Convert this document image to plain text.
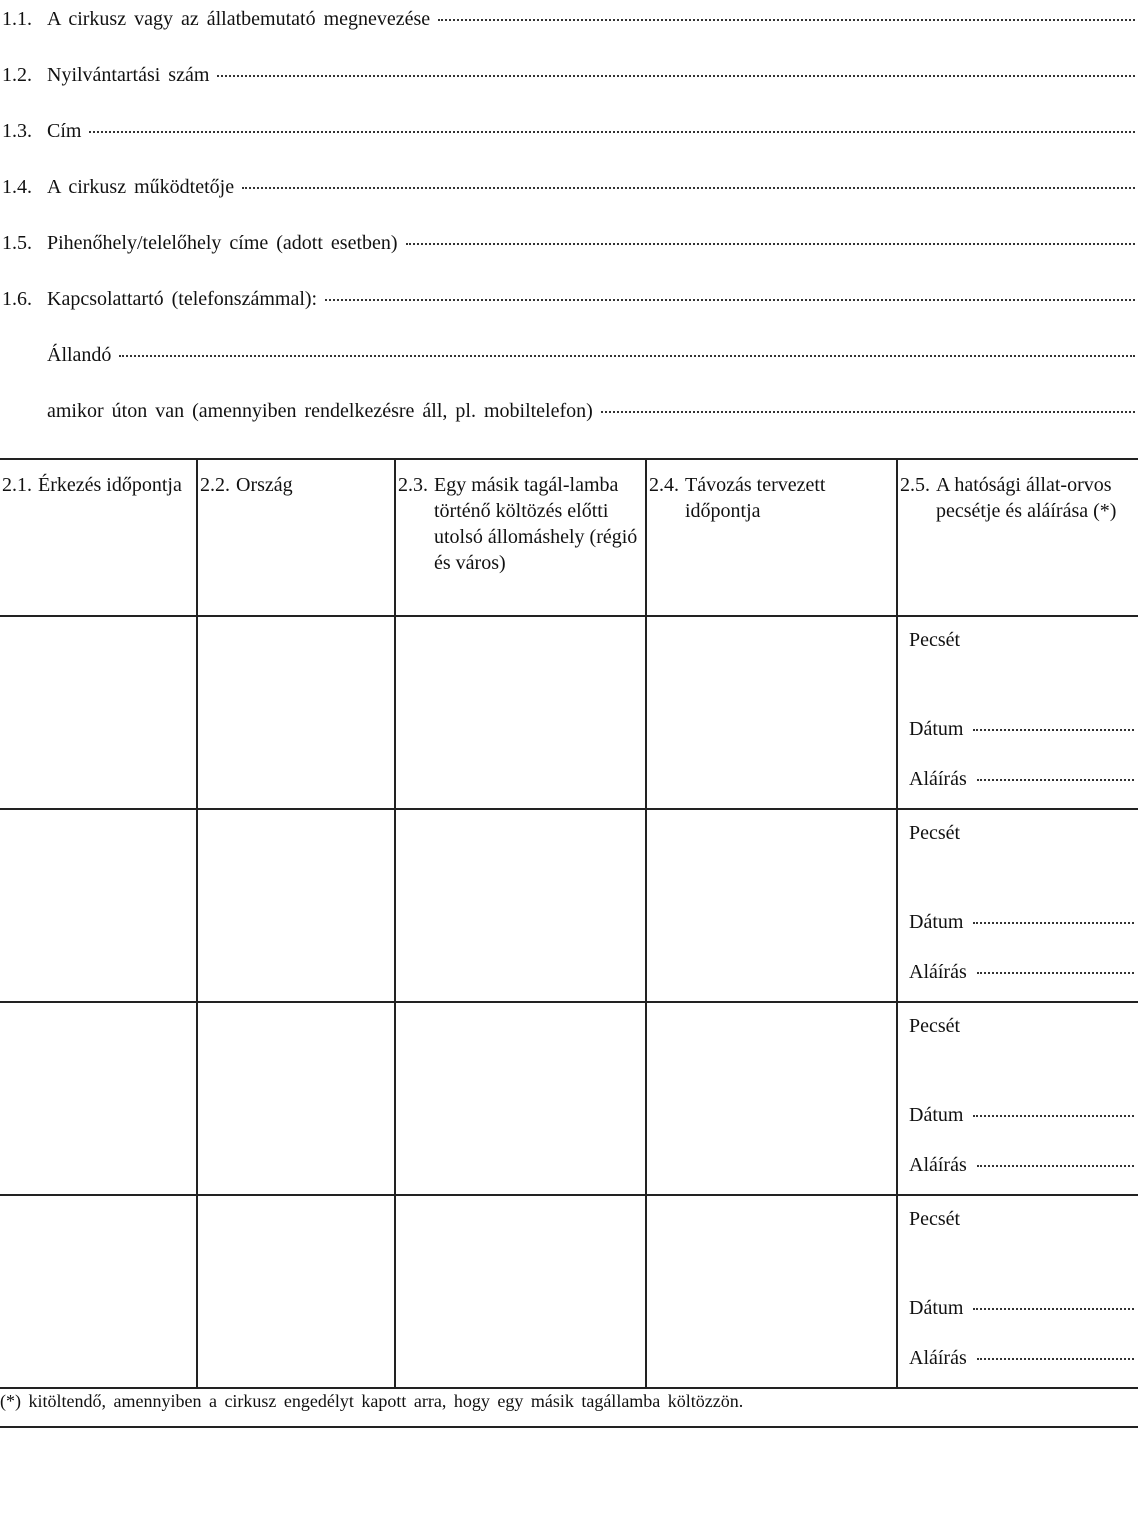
1.1. A cirkusz vagy az állatbemutató megnevezése
1.2. Nyilvántartási szám
1.3. Cím
1.4. A cirkusz működtetője
1.5. Pihenőhely/telelőhely címe (adott esetben)
1.6. Kapcsolattartó (telefonszámmal):
Állandó
amikor úton van (amennyiben rendelkezésre áll, pl. mobiltelefon)
2.1. Érkezés időpontja	2.2. Ország	2.3. Egy másik tagál-lamba történő költözés előtti utolsó állomáshely (régió és város)	2.4. Távozás tervezett időpontja	2.5. A hatósági állat-orvos pecsétje és aláírása (*)

				Pecsét
Dátum
Aláírás

				Pecsét
Dátum
Aláírás

				Pecsét
Dátum
Aláírás

				Pecsét
Dátum
Aláírás
(*) kitöltendő, amennyiben a cirkusz engedélyt kapott arra, hogy egy másik tagállamba költözzön.
